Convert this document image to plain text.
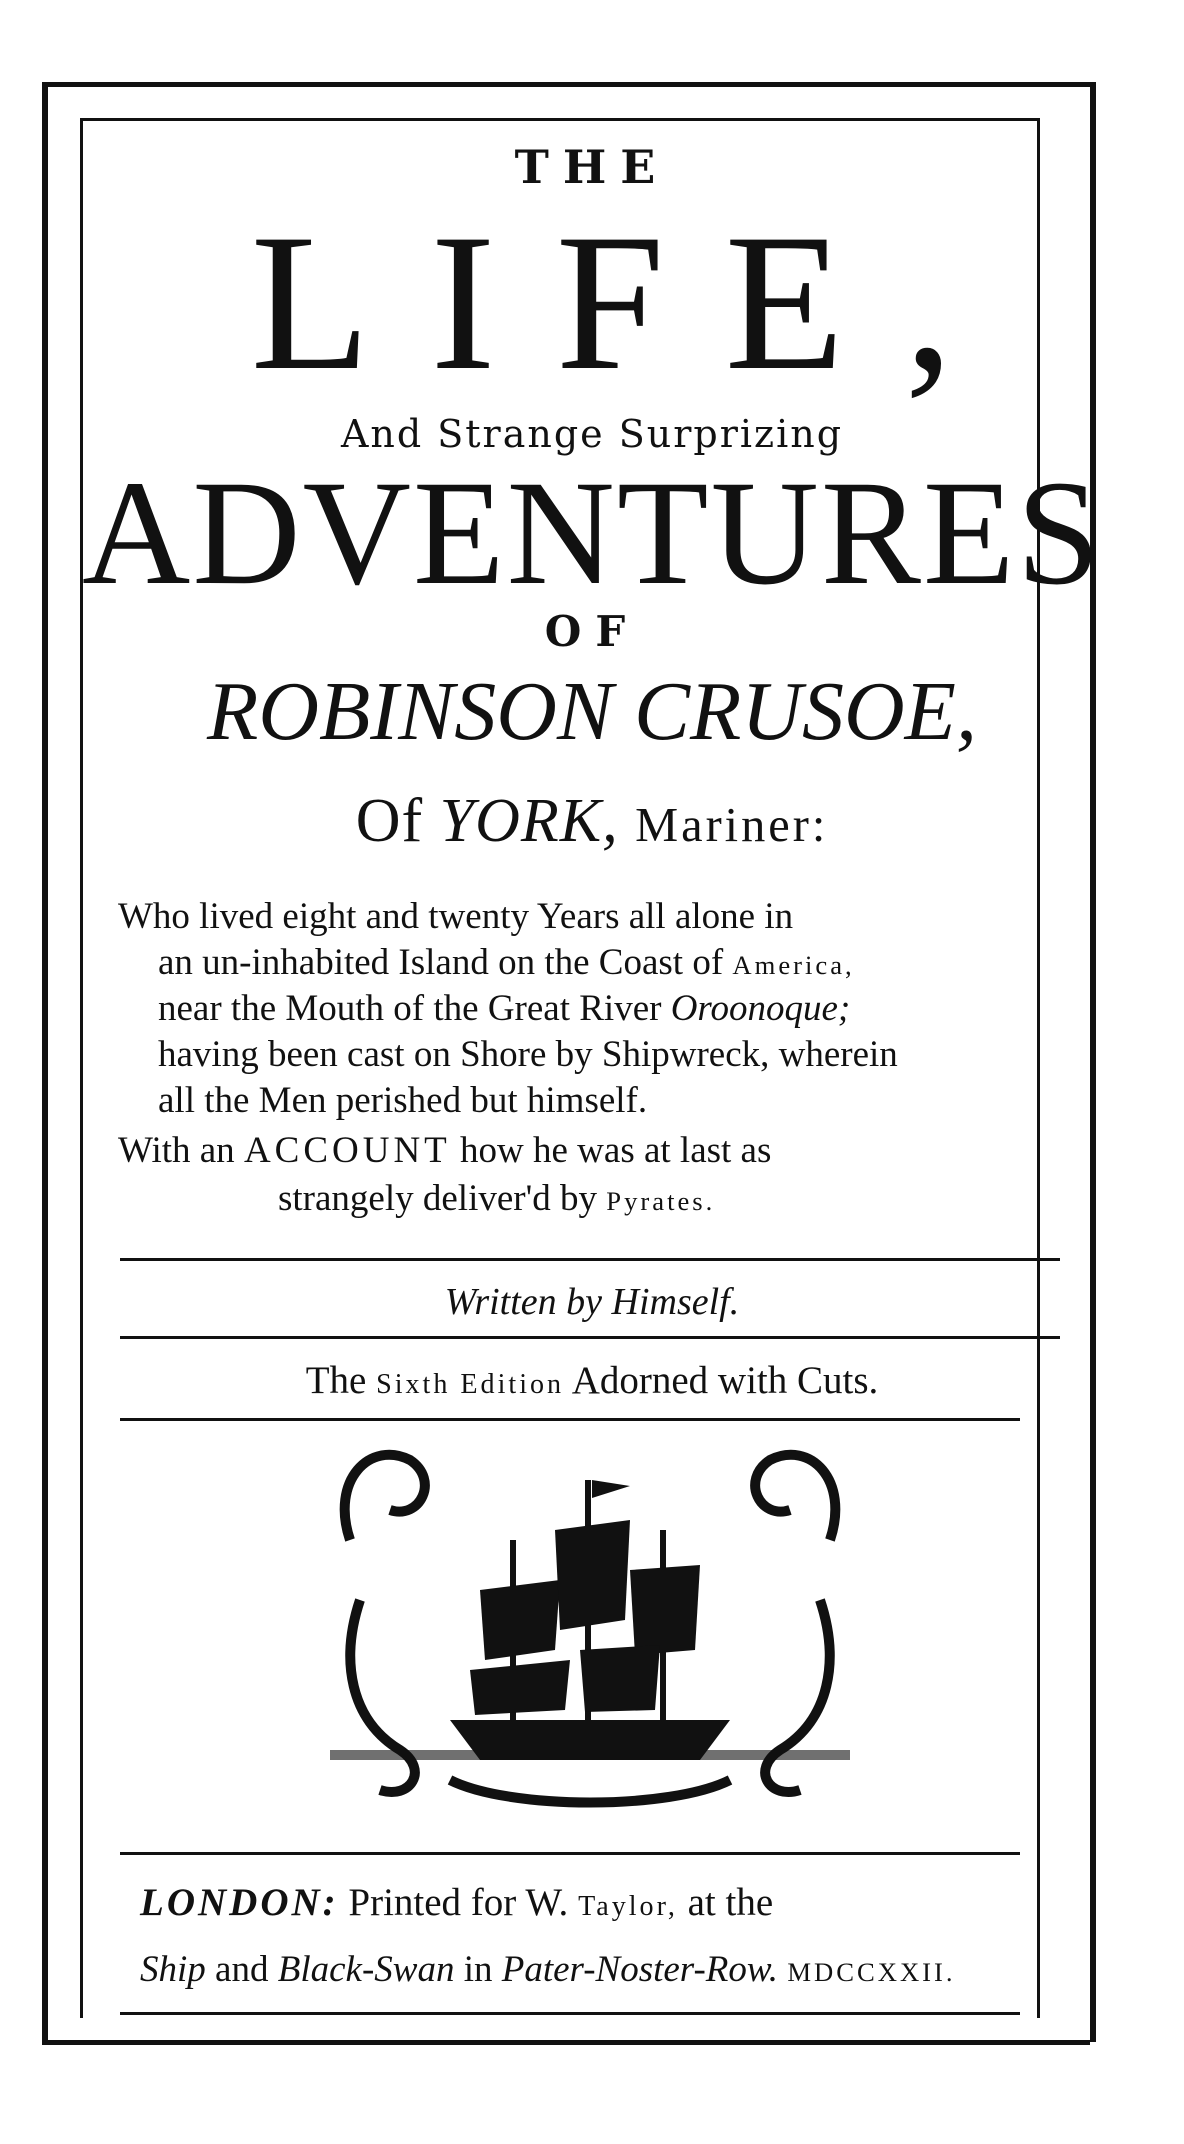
THE
LIFE,
And Strange Surprizing
ADVENTURES
OF
ROBINSON CRUSOE,
Of YORK, Mariner:
Who lived eight and twenty Years all alone in
an un-inhabited Island on the Coast of America,
near the Mouth of the Great River Oroonoque;
having been cast on Shore by Shipwreck, wherein
all the Men perished but himself.
With an ACCOUNT how he was at last as
strangely deliver'd by Pyrates.
Written by Himself.
The Sixth Edition Adorned with Cuts.
LONDON: Printed for W. Taylor, at the
Ship and Black-Swan in Pater-Noster-Row. MDCCXXII.
